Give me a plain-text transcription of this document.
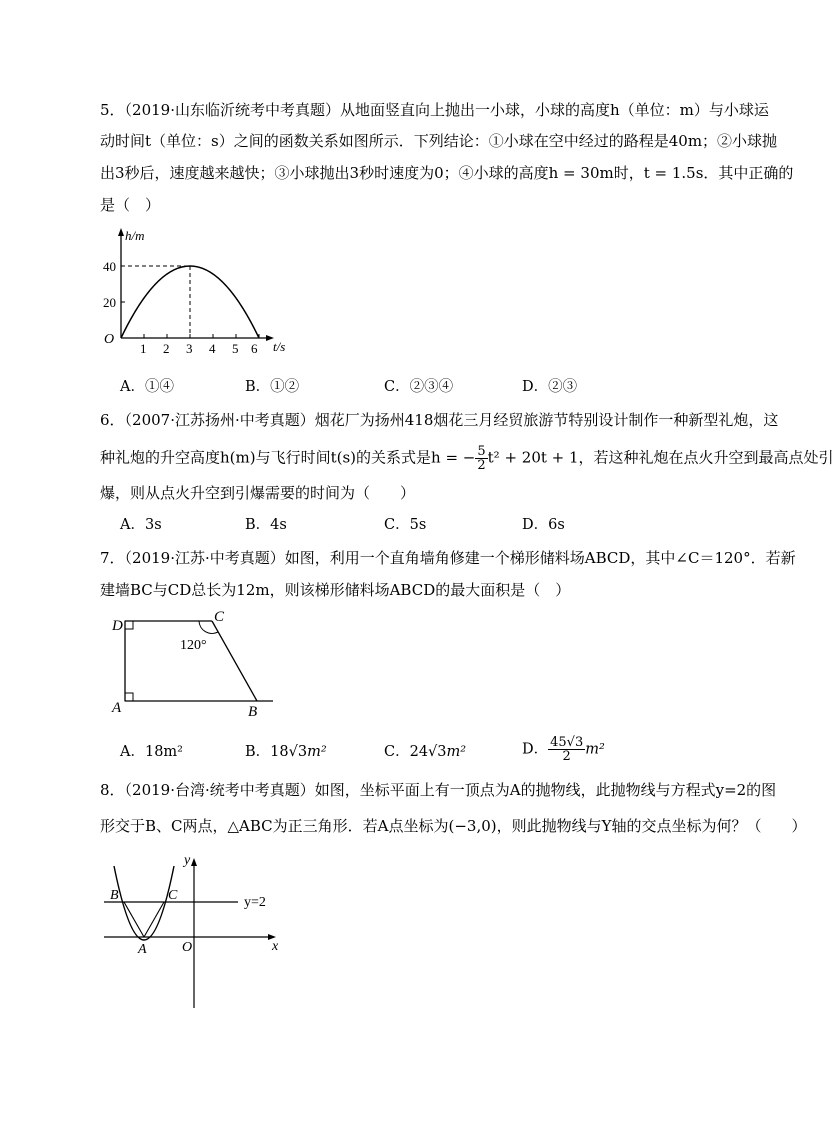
5．（2019·山东临沂统考中考真题）从地面竖直向上抛出一小球，小球的高度h（单位：m）与小球运
动时间t（单位：s）之间的函数关系如图所示．下列结论：①小球在空中经过的路程是40m；②小球抛
出3秒后，速度越来越快；③小球抛出3秒时速度为0；④小球的高度h = 30m时，t = 1.5s．其中正确的
是（　）
h/m
t/s
O
40
20
1 2 3 4 5 6
A．①④	B．①②	C．②③④	D．②③
6．（2007·江苏扬州·中考真题）烟花厂为扬州418烟花三月经贸旅游节特别设计制作一种新型礼炮，这
种礼炮的升空高度h(m)与飞行时间t(s)的关系式是h = − $\frac{5}{2} t^2 + 20t + 1$，若这种礼炮在点火升空到最高点处引
爆，则从点火升空到引爆需要的时间为（　　）
A．3s	B．4s	C．5s	D．6s
7．（2019·江苏·中考真题）如图，利用一个直角墙角修建一个梯形储料场ABCD，其中∠C＝120°．若新
建墙BC与CD总长为12m，则该梯形储料场ABCD的最大面积是（　）
D
C
A	B
120°
A．18m²	B．18√3m²	C．24√3m²	D． $\frac{45√3}{2} m^2$
8．（2019·台湾·统考中考真题）如图，坐标平面上有一顶点为A的抛物线，此抛物线与方程式y=2的图
形交于B、C两点，△ABC为正三角形．若A点坐标为(−3,0)，则此抛物线与Y轴的交点坐标为何？（　　）
y
x
y=2
B	C
A	O
